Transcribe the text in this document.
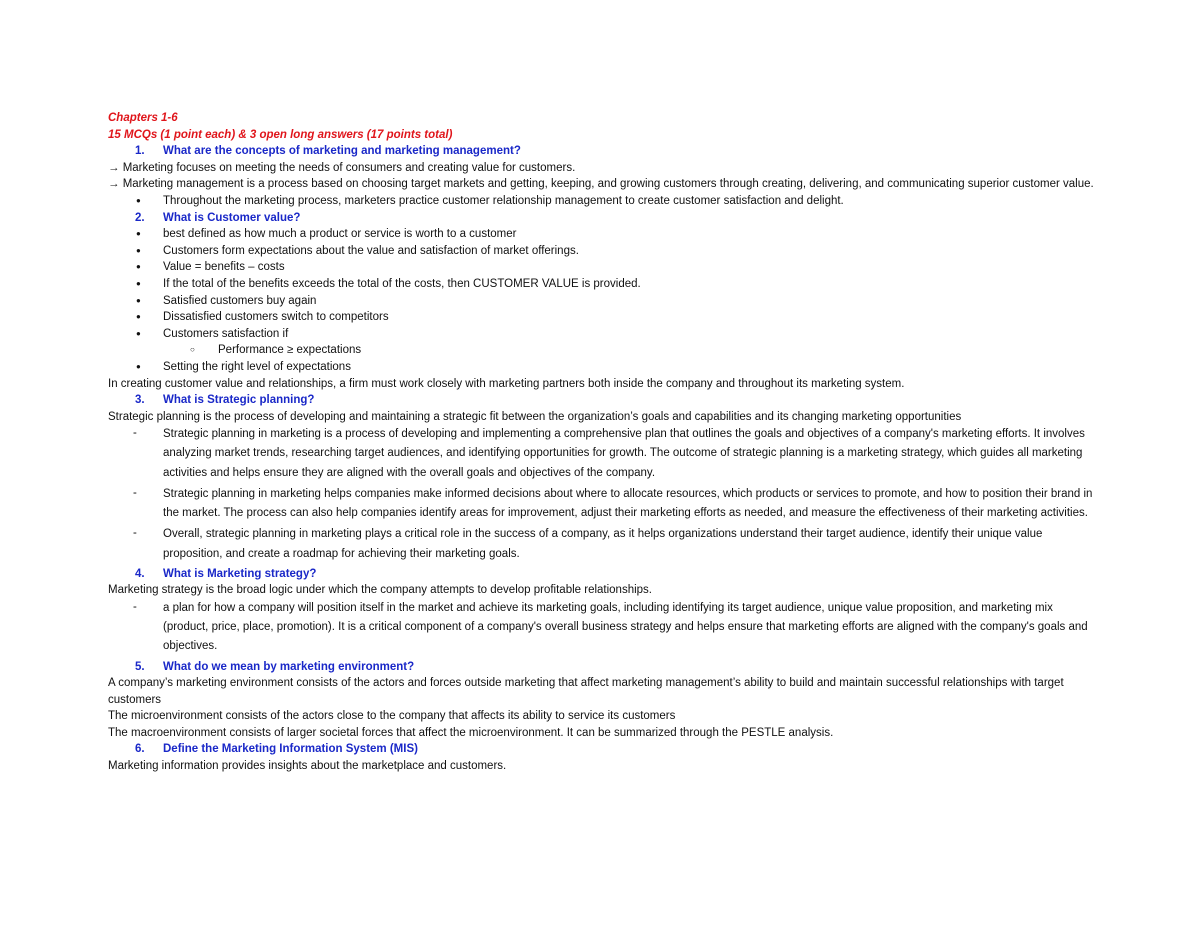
Chapters 1-6
15 MCQs (1 point each) & 3 open long answers (17 points total)
1.	What are the concepts of marketing and marketing management?
→ Marketing focuses on meeting the needs of consumers and creating value for customers.
→ Marketing management is a process based on choosing target markets and getting, keeping, and growing customers through creating, delivering, and communicating superior customer value.
●	Throughout the marketing process, marketers practice customer relationship management to create customer satisfaction and delight.
2.	What is Customer value?
●	best defined as how much a product or service is worth to a customer
●	Customers form expectations about the value and satisfaction of market offerings.
●	Value = benefits – costs
●	If the total of the benefits exceeds the total of the costs, then CUSTOMER VALUE is provided.
●	Satisfied customers buy again
●	Dissatisfied customers switch to competitors
●	Customers satisfaction if
○	Performance ≥ expectations
●	Setting the right level of expectations
In creating customer value and relationships, a firm must work closely with marketing partners both inside the company and throughout its marketing system.
3.	What is Strategic planning?
Strategic planning is the process of developing and maintaining a strategic fit between the organization’s goals and capabilities and its changing marketing opportunities
-	Strategic planning in marketing is a process of developing and implementing a comprehensive plan that outlines the goals and objectives of a company's marketing efforts. It involves analyzing market trends, researching target audiences, and identifying opportunities for growth. The outcome of strategic planning is a marketing strategy, which guides all marketing activities and helps ensure they are aligned with the overall goals and objectives of the company.
-	Strategic planning in marketing helps companies make informed decisions about where to allocate resources, which products or services to promote, and how to position their brand in the market. The process can also help companies identify areas for improvement, adjust their marketing efforts as needed, and measure the effectiveness of their marketing activities.
-	Overall, strategic planning in marketing plays a critical role in the success of a company, as it helps organizations understand their target audience, identify their unique value proposition, and create a roadmap for achieving their marketing goals.
4.	What is Marketing strategy?
Marketing strategy is the broad logic under which the company attempts to develop profitable relationships.
-	a plan for how a company will position itself in the market and achieve its marketing goals, including identifying its target audience, unique value proposition, and marketing mix (product, price, place, promotion). It is a critical component of a company's overall business strategy and helps ensure that marketing efforts are aligned with the company's goals and objectives.
5.	What do we mean by marketing environment?
A company’s marketing environment consists of the actors and forces outside marketing that affect marketing management’s ability to build and maintain successful relationships with target customers
The microenvironment consists of the actors close to the company that affects its ability to service its customers
The macroenvironment consists of larger societal forces that affect the microenvironment. It can be summarized through the PESTLE analysis.
6.	Define the Marketing Information System (MIS)
Marketing information provides insights about the marketplace and customers.
